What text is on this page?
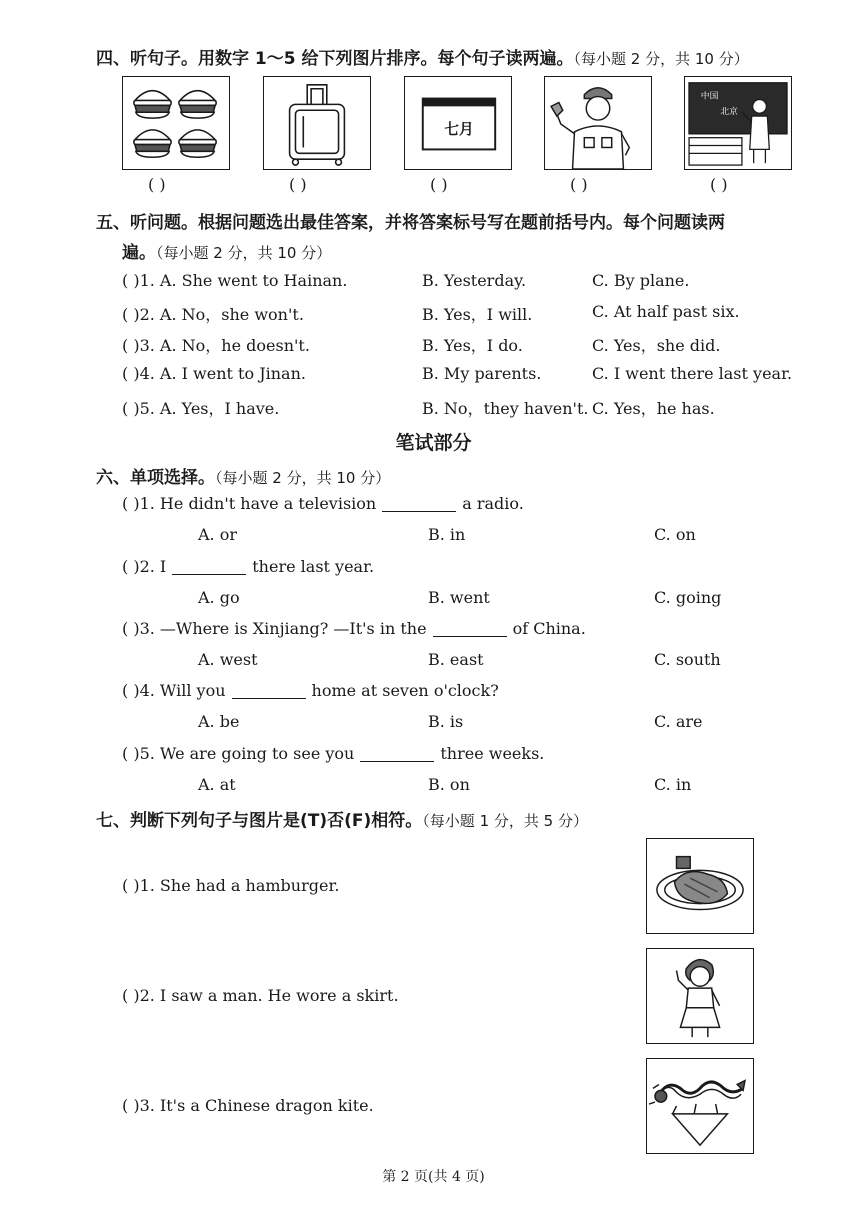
四、听句子。用数字 1～5 给下列图片排序。每个句子读两遍。（每小题 2 分，共 10 分）
七月
中国
北京
( )	( )	( )	( )	( )
五、听问题。根据问题选出最佳答案，并将答案标号写在题前括号内。每个问题读两
遍。（每小题 2 分，共 10 分）
( )1. A. She went to Hainan.	B. Yesterday.	C. By plane.
( )2. A. No，she won't.	B. Yes，I will.	C. At half past six.
( )3. A. No，he doesn't.	B. Yes，I do.	C. Yes，she did.
( )4. A. I went to Jinan.	B. My parents.	C. I went there last year.
( )5. A. Yes，I have.	B. No，they haven't. C. Yes，he has.
笔试部分
六、单项选择。（每小题 2 分，共 10 分）
( )1. He didn't have a television	a radio.
A. or	B. in	C. on
( )2. I	there last year.
A. go	B. went	C. going
( )3. —Where is Xinjiang? —It's in the	of China.
A. west	B. east	C. south
( )4. Will you	home at seven o'clock?
A. be	B. is	C. are
( )5. We are going to see you	three weeks.
A. at	B. on	C. in
七、判断下列句子与图片是(T)否(F)相符。（每小题 1 分，共 5 分）
( )1. She had a hamburger.
( )2. I saw a man. He wore a skirt.
( )3. It's a Chinese dragon kite.
第 2 页(共 4 页)
